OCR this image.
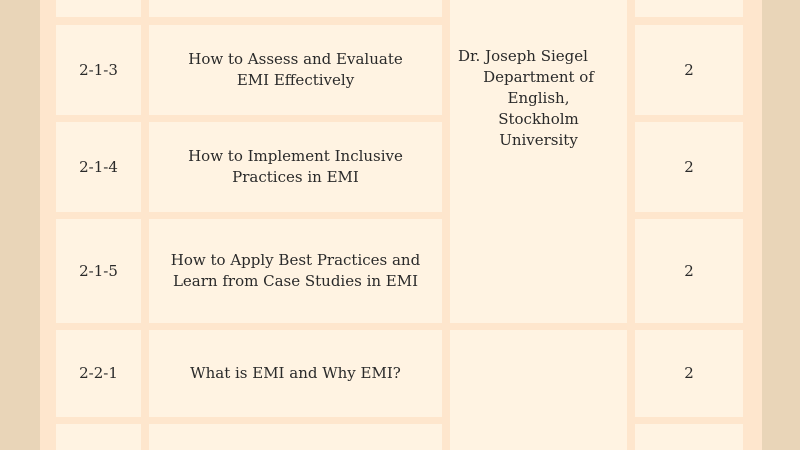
2-1-3
How to Assess and Evaluate EMI Effectively
2
2-1-4
How to Implement Inclusive Practices in EMI
2
2-1-5
How to Apply Best Practices and Learn from Case Studies in EMI
2
2-2-1	What is EMI and Why EMI?	2
Dr. Joseph Siegel
Department of English,
Stockholm University
